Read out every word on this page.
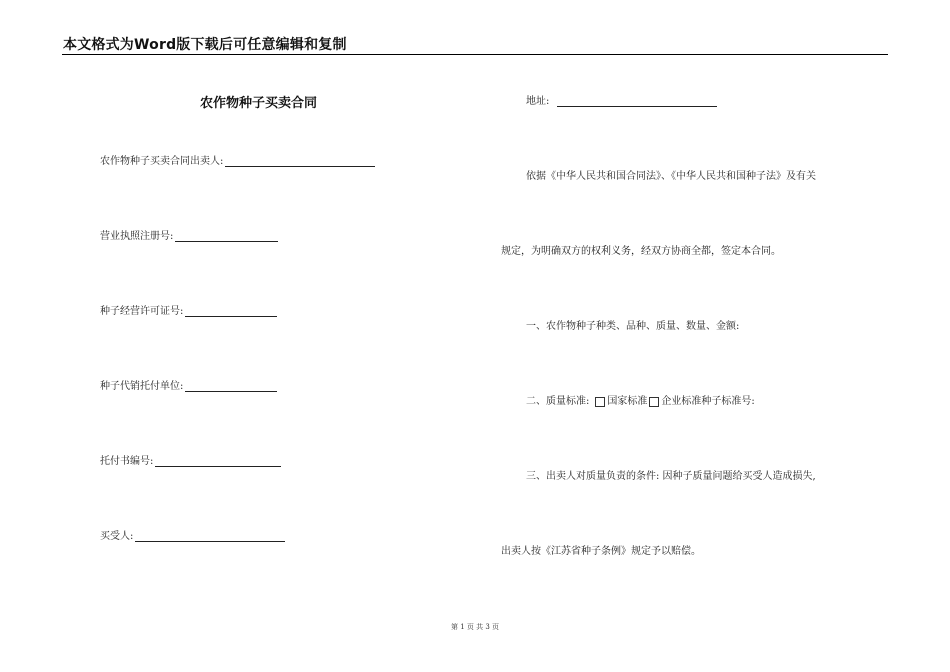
本文格式为Word版下载后可任意编辑和复制
农作物种子买卖合同
农作物种子买卖合同出卖人:
营业执照注册号:
种子经营许可证号:
种子代销托付单位:
托付书编号:
买受人:
地址:
依据《中华人民共和国合同法》、《中华人民共和国种子法》及有关
规定，为明确双方的权利义务，经双方协商全都，签定本合同。
一、农作物种子种类、品种、质量、数量、金额:
二、质量标准: 国家标准 企业标准种子标准号:
三、出卖人对质量负责的条件: 因种子质量问题给买受人造成损失,
出卖人按《江苏省种子条例》规定予以赔偿。
第 1 页 共 3 页
